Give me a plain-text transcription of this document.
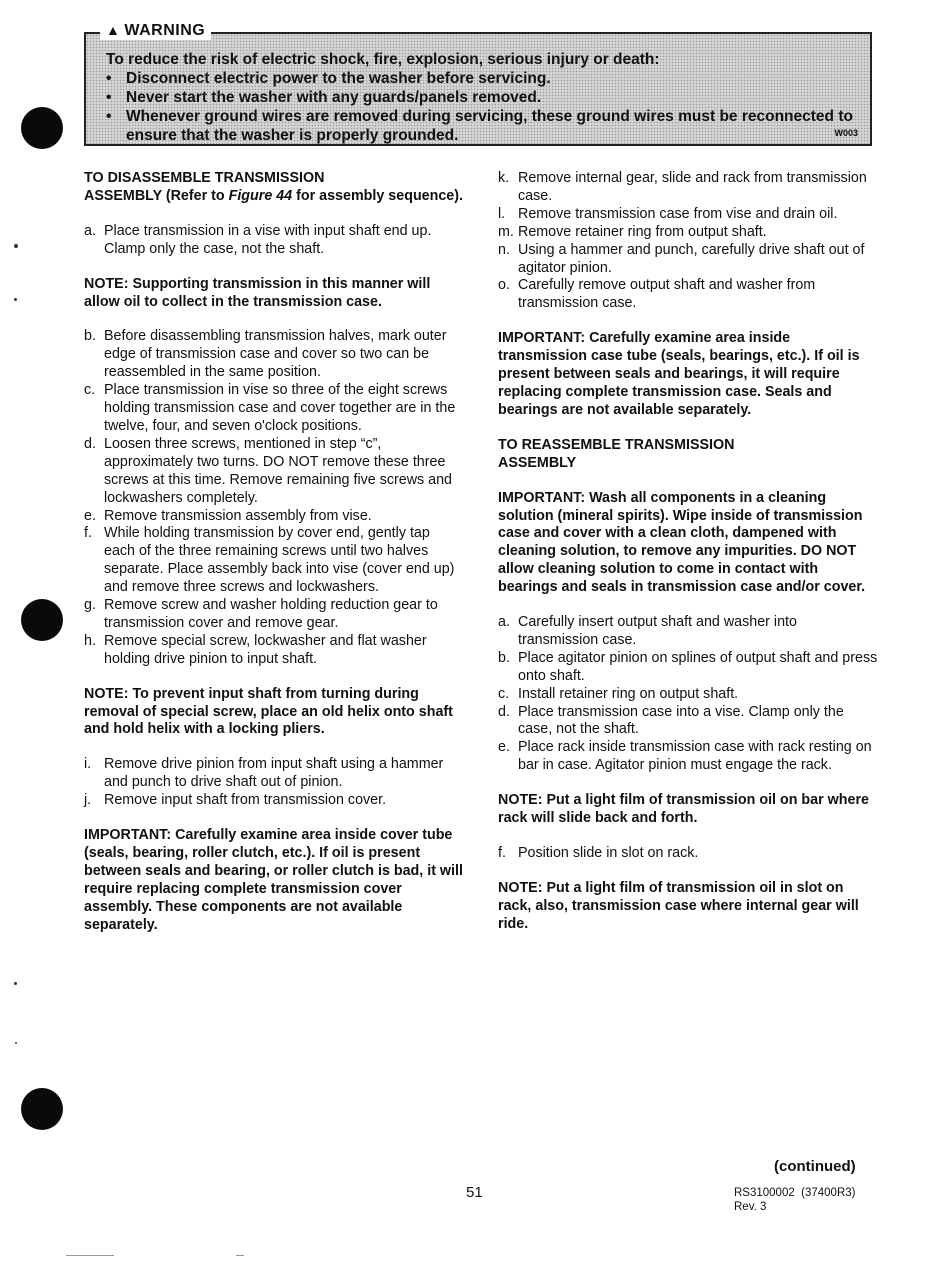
▲ WARNING
To reduce the risk of electric shock, fire, explosion, serious injury or death:
• Disconnect electric power to the washer before servicing.
• Never start the washer with any guards/panels removed.
• Whenever ground wires are removed during servicing, these ground wires must be reconnected to ensure that the washer is properly grounded.	W003

TO DISASSEMBLE TRANSMISSION
ASSEMBLY (Refer to Figure 44 for assembly sequence).

a. Place transmission in a vise with input shaft end up. Clamp only the case, not the shaft.

NOTE: Supporting transmission in this manner will allow oil to collect in the transmission case.

b. Before disassembling transmission halves, mark outer edge of transmission case and cover so two can be reassembled in the same position.
c. Place transmission in vise so three of the eight screws holding transmission case and cover together are in the twelve, four, and seven o'clock positions.
d. Loosen three screws, mentioned in step “c”, approximately two turns. DO NOT remove these three screws at this time. Remove remaining five screws and lockwashers completely.
e. Remove transmission assembly from vise.
f. While holding transmission by cover end, gently tap each of the three remaining screws until two halves separate. Place assembly back into vise (cover end up) and remove three screws and lockwashers.
g. Remove screw and washer holding reduction gear to transmission cover and remove gear.
h. Remove special screw, lockwasher and flat washer holding drive pinion to input shaft.

NOTE: To prevent input shaft from turning during removal of special screw, place an old helix onto shaft and hold helix with a locking pliers.

i. Remove drive pinion from input shaft using a hammer and punch to drive shaft out of pinion.
j. Remove input shaft from transmission cover.

IMPORTANT: Carefully examine area inside cover tube (seals, bearing, roller clutch, etc.). If oil is present between seals and bearing, or roller clutch is bad, it will require replacing complete transmission cover assembly. These components are not available separately.

k. Remove internal gear, slide and rack from transmission case.
l. Remove transmission case from vise and drain oil.
m. Remove retainer ring from output shaft.
n. Using a hammer and punch, carefully drive shaft out of agitator pinion.
o. Carefully remove output shaft and washer from transmission case.

IMPORTANT: Carefully examine area inside transmission case tube (seals, bearings, etc.). If oil is present between seals and bearings, it will require replacing complete transmission case. Seals and bearings are not available separately.

TO REASSEMBLE TRANSMISSION ASSEMBLY

IMPORTANT: Wash all components in a cleaning solution (mineral spirits). Wipe inside of transmission case and cover with a clean cloth, dampened with cleaning solution, to remove any impurities. DO NOT allow cleaning solution to come in contact with bearings and seals in transmission case and/or cover.

a. Carefully insert output shaft and washer into transmission case.
b. Place agitator pinion on splines of output shaft and press onto shaft.
c. Install retainer ring on output shaft.
d. Place transmission case into a vise. Clamp only the case, not the shaft.
e. Place rack inside transmission case with rack resting on bar in case. Agitator pinion must engage the rack.

NOTE: Put a light film of transmission oil on bar where rack will slide back and forth.

f. Position slide in slot on rack.

NOTE: Put a light film of transmission oil in slot on rack, also, transmission case where internal gear will ride.

(continued)
51	RS3100002  (37400R3)
Rev. 3
